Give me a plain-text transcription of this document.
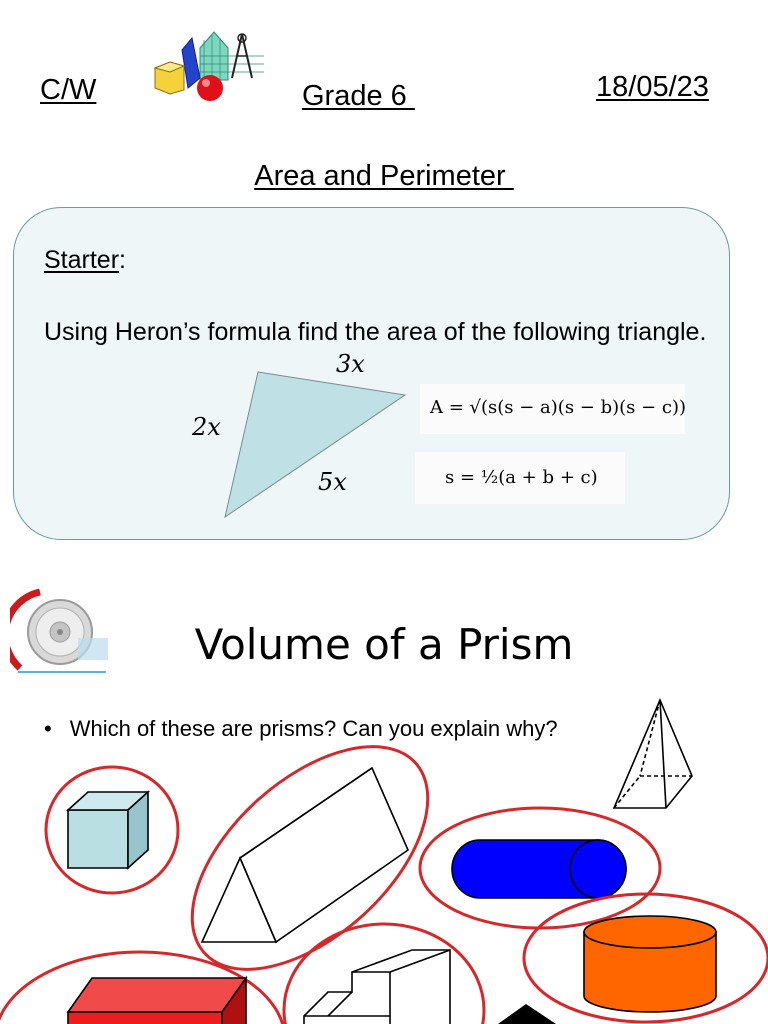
C/W	Grade 6	18/05/23
Area and Perimeter
Starter:
Using Heron’s formula find the area of the following triangle.
3x
2x
5x
A = √(s(s − a)(s − b)(s − c))
s = ½(a + b + c)
Volume of a Prism
• Which of these are prisms? Can you explain why?
